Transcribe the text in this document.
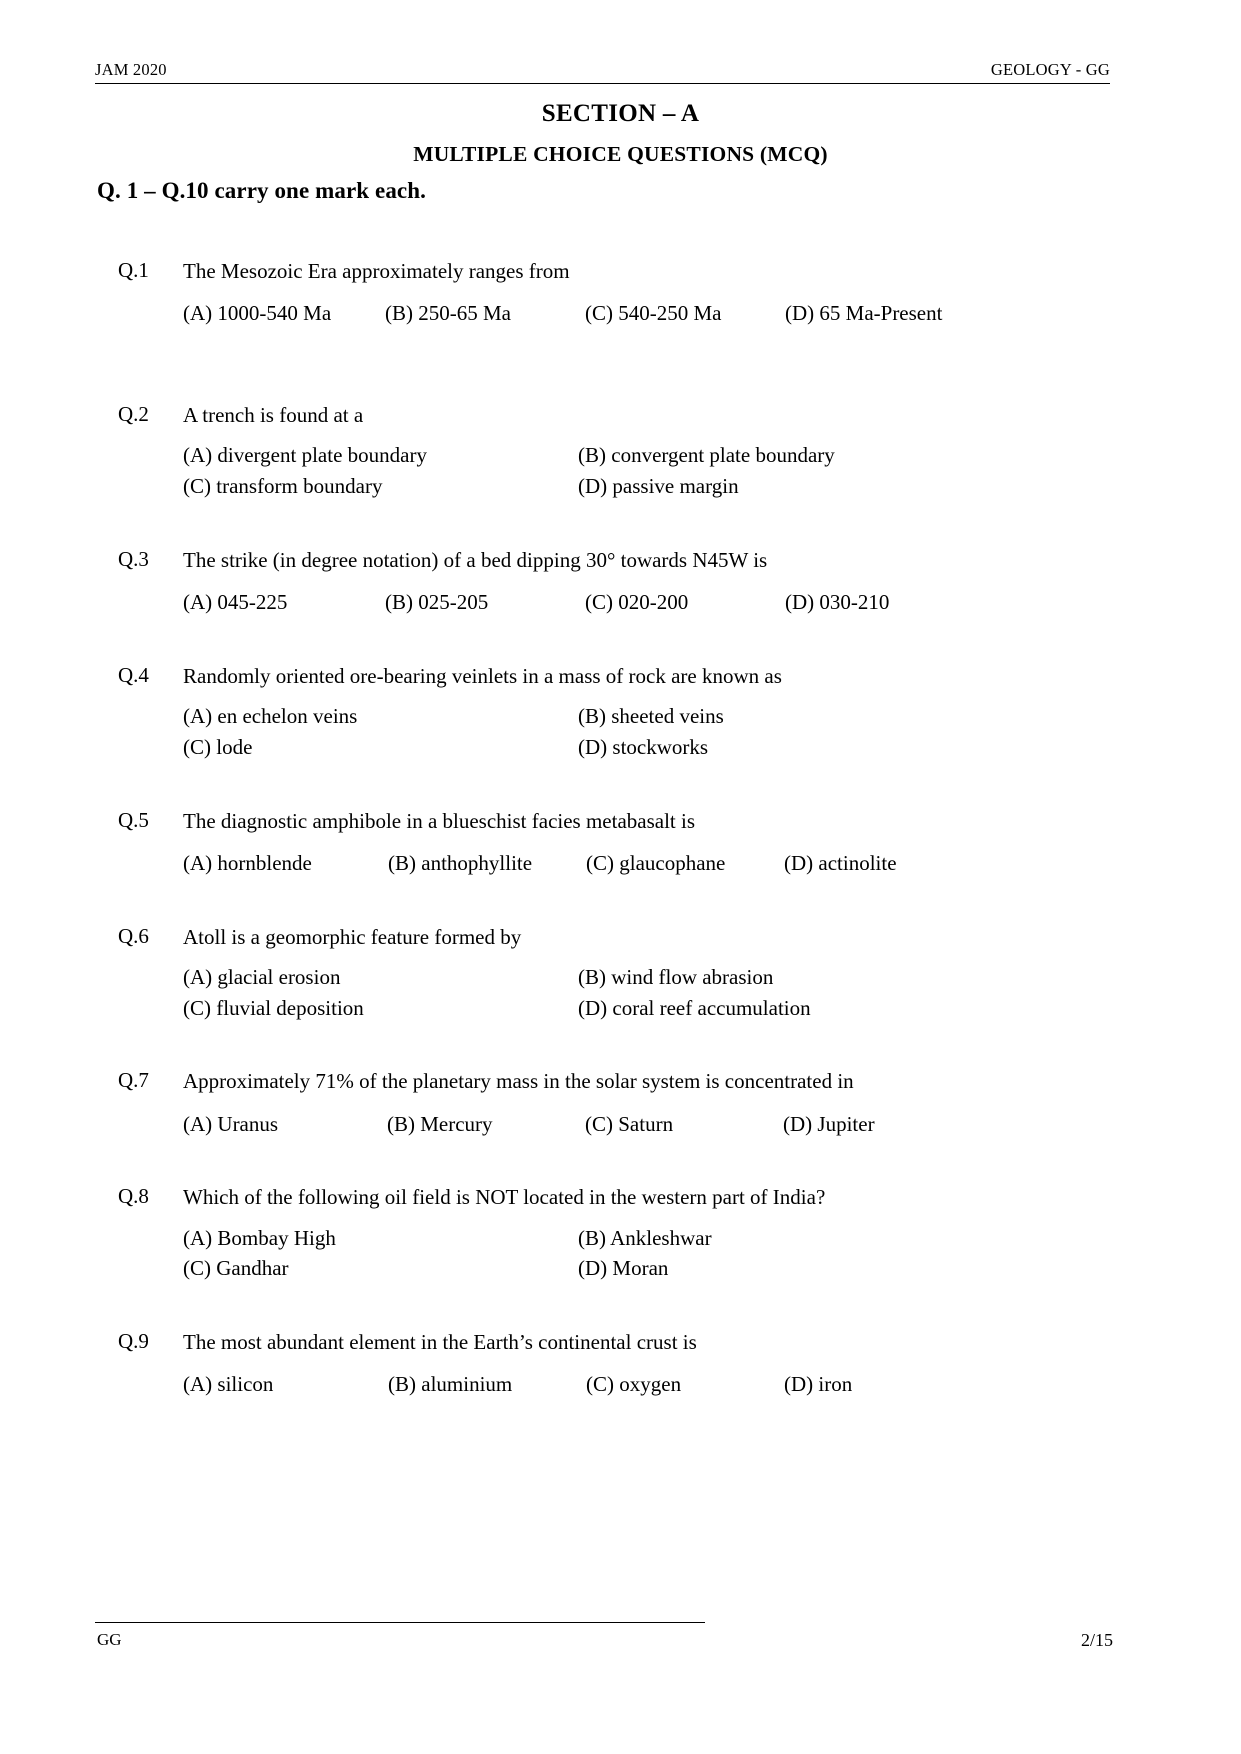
JAM 2020	GEOLOGY - GG
SECTION – A
MULTIPLE CHOICE QUESTIONS (MCQ)
Q. 1 – Q.10 carry one mark each.
Q.1	The Mesozoic Era approximately ranges from
(A) 1000-540 Ma	(B) 250-65 Ma	(C) 540-250 Ma	(D) 65 Ma-Present
Q.2	A trench is found at a
(A) divergent plate boundary	(B) convergent plate boundary
(C) transform boundary	(D) passive margin
Q.3	The strike (in degree notation) of a bed dipping 30° towards N45W is
(A) 045-225	(B) 025-205	(C) 020-200	(D) 030-210
Q.4	Randomly oriented ore-bearing veinlets in a mass of rock are known as
(A) en echelon veins	(B) sheeted veins
(C) lode	(D) stockworks
Q.5	The diagnostic amphibole in a blueschist facies metabasalt is
(A) hornblende	(B) anthophyllite	(C) glaucophane	(D) actinolite
Q.6	Atoll is a geomorphic feature formed by
(A) glacial erosion	(B) wind flow abrasion
(C) fluvial deposition	(D) coral reef accumulation
Q.7	Approximately 71% of the planetary mass in the solar system is concentrated in
(A) Uranus	(B) Mercury	(C) Saturn	(D) Jupiter
Q.8	Which of the following oil field is NOT located in the western part of India?
(A) Bombay High	(B) Ankleshwar
(C) Gandhar	(D) Moran
Q.9	The most abundant element in the Earth’s continental crust is
(A) silicon	(B) aluminium	(C) oxygen	(D) iron
GG	2/15
